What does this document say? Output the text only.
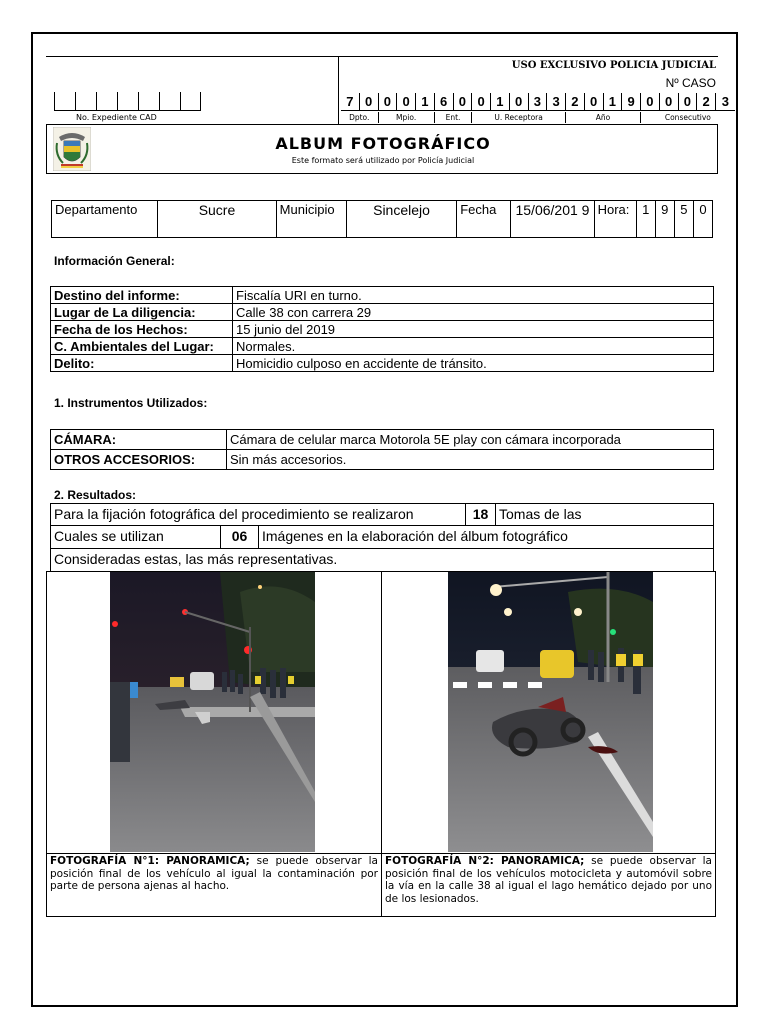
No. Expediente CAD
USO EXCLUSIVO POLICIA JUDICIAL
Nº CASO
7 0 0 0 1 6 0 0 1 0 3 3 2 0 1 9 0 0 0 2 3
Dpto.	Mpio.	Ent.	U. Receptora	Año	Consecutivo
ALBUM FOTOGRÁFICO
Este formato será utilizado por Policía Judicial
Departamento	Sucre	Municipio	Sincelejo	Fecha	15/06/201 9	Hora:	1	9	5	0
Información General:
Destino del informe:	Fiscalía URI en turno.
Lugar de La diligencia:	Calle 38 con carrera 29
Fecha de los Hechos:	15 junio del 2019
C. Ambientales del Lugar:	Normales.
Delito:	Homicidio culposo en accidente de tránsito.
1. Instrumentos Utilizados:
CÁMARA:	Cámara de celular marca Motorola 5E play con cámara incorporada
OTROS ACCESORIOS:	Sin más accesorios.
2. Resultados:
Para la fijación fotográfica del procedimiento se realizaron	18 Tomas de las
Cuales se utilizan	06	Imágenes en la elaboración del álbum fotográfico
Consideradas estas, las más representativas.
FOTOGRAFÍA N°1: PANORAMICA; se puede observar la posición final de los vehículo al igual la contaminación por parte de persona ajenas al hacho.
FOTOGRAFÍA N°2: PANORAMICA; se puede observar la posición final de los vehículos motocicleta y automóvil sobre la vía en la calle 38 al igual el lago hemático dejado por uno de los lesionados.
